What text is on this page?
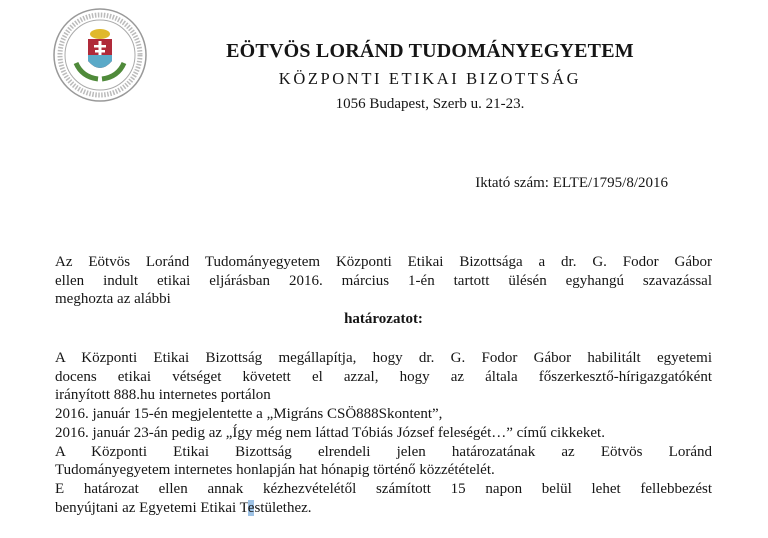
EÖTVÖS LORÁND TUDOMÁNYEGYETEM
KÖZPONTI ETIKAI BIZOTTSÁG
1056 Budapest, Szerb u. 21-23.
Iktató szám: ELTE/1795/8/2016
Az Eötvös Loránd Tudományegyetem Központi Etikai Bizottsága a dr. G. Fodor Gábor
ellen indult etikai eljárásban 2016. március 1-én tartott ülésén egyhangú szavazással
meghozta az alábbi
határozatot:
A Központi Etikai Bizottság megállapítja, hogy dr. G. Fodor Gábor habilitált egyetemi
docens etikai vétséget követett el azzal, hogy az általa főszerkesztő-hírigazgatóként
irányított 888.hu internetes portálon
2016. január 15-én megjelentette a „Migráns CSÖ888Skontent”,
2016. január 23-án pedig az „Így még nem láttad Tóbiás József feleségét…” című cikkeket.
A Központi Etikai Bizottság elrendeli jelen határozatának az Eötvös Loránd
Tudományegyetem internetes honlapján hat hónapig történő közzétételét.
E határozat ellen annak kézhezvételétől számított 15 napon belül lehet fellebbezést
benyújtani az Egyetemi Etikai Testülethez.
